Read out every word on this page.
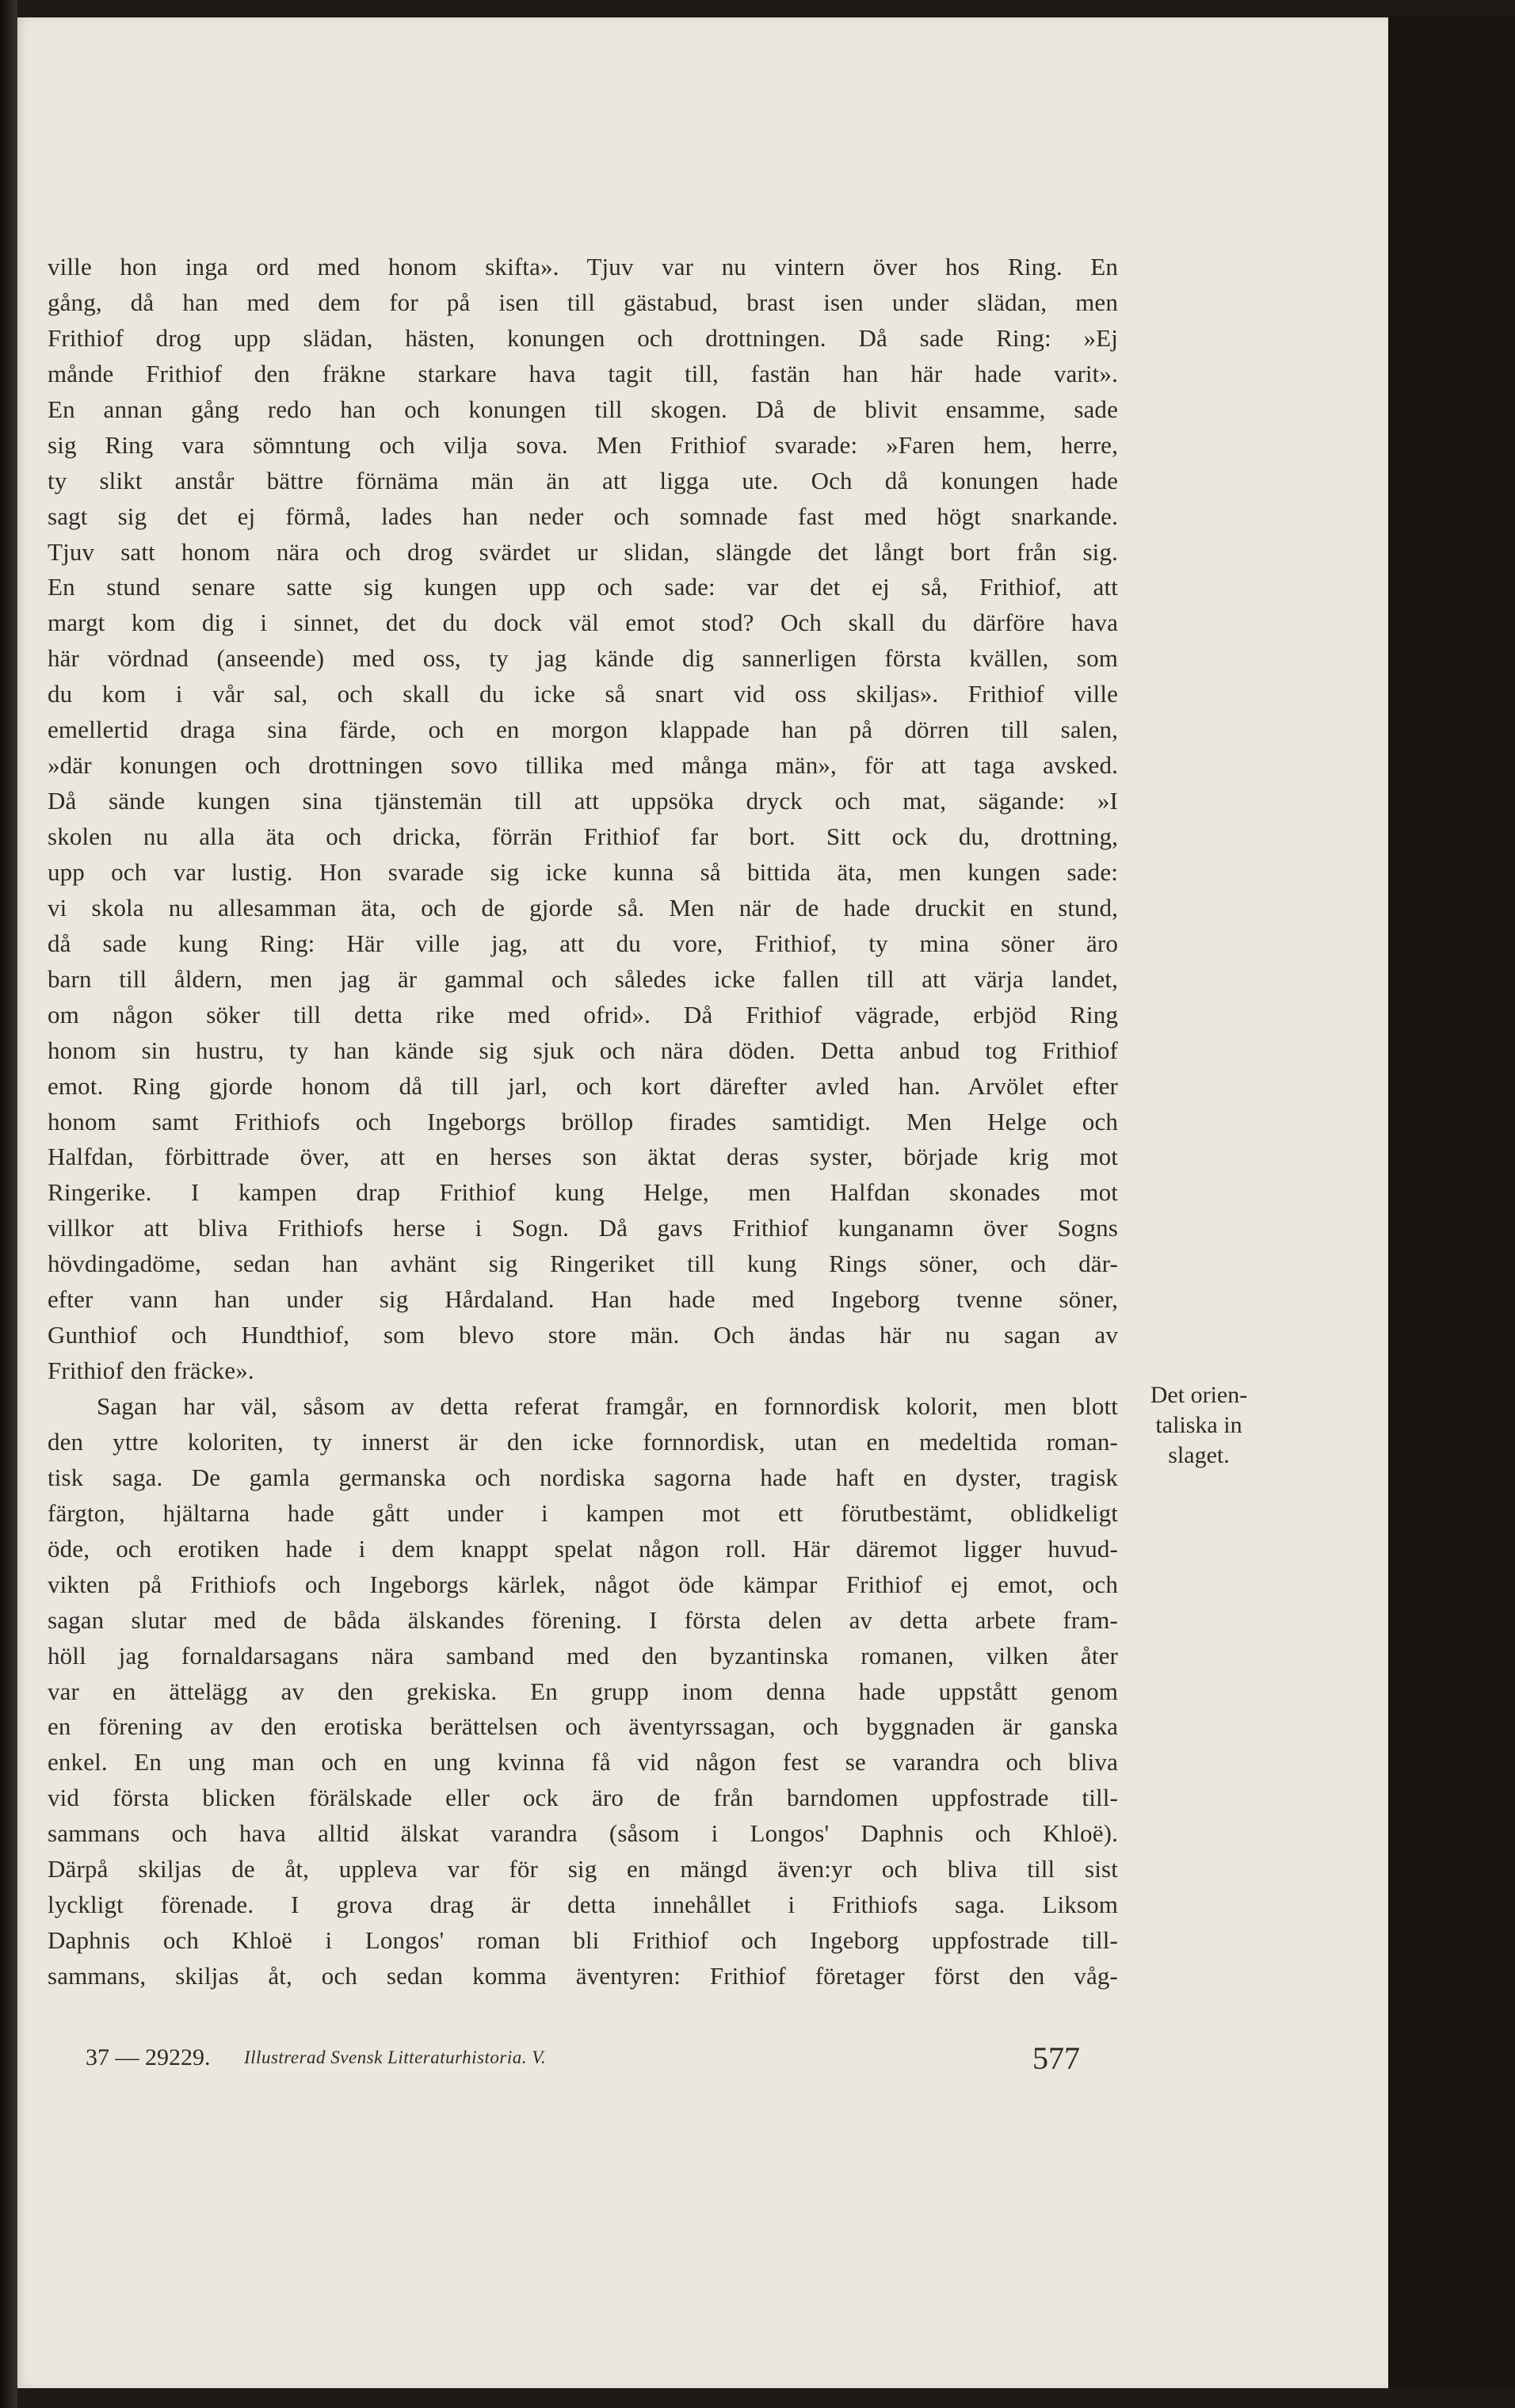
ville hon inga ord med honom skifta». Tjuv var nu vintern över hos Ring. En
gång, då han med dem for på isen till gästabud, brast isen under slädan, men
Frithiof drog upp slädan, hästen, konungen och drottningen. Då sade Ring: »Ej
månde Frithiof den fräkne starkare hava tagit till, fastän han här hade varit».
En annan gång redo han och konungen till skogen. Då de blivit ensamme, sade
sig Ring vara sömntung och vilja sova. Men Frithiof svarade: »Faren hem, herre,
ty slikt anstår bättre förnäma män än att ligga ute. Och då konungen hade
sagt sig det ej förmå, lades han neder och somnade fast med högt snarkande.
Tjuv satt honom nära och drog svärdet ur slidan, slängde det långt bort från sig.
En stund senare satte sig kungen upp och sade: var det ej så, Frithiof, att
margt kom dig i sinnet, det du dock väl emot stod? Och skall du därföre hava
här vördnad (anseende) med oss, ty jag kände dig sannerligen första kvällen, som
du kom i vår sal, och skall du icke så snart vid oss skiljas». Frithiof ville
emellertid draga sina färde, och en morgon klappade han på dörren till salen,
»där konungen och drottningen sovo tillika med många män», för att taga avsked.
Då sände kungen sina tjänstemän till att uppsöka dryck och mat, sägande: »I
skolen nu alla äta och dricka, förrän Frithiof far bort. Sitt ock du, drottning,
upp och var lustig. Hon svarade sig icke kunna så bittida äta, men kungen sade:
vi skola nu allesamman äta, och de gjorde så. Men när de hade druckit en stund,
då sade kung Ring: Här ville jag, att du vore, Frithiof, ty mina söner äro
barn till åldern, men jag är gammal och således icke fallen till att värja landet,
om någon söker till detta rike med ofrid». Då Frithiof vägrade, erbjöd Ring
honom sin hustru, ty han kände sig sjuk och nära döden. Detta anbud tog Frithiof
emot. Ring gjorde honom då till jarl, och kort därefter avled han. Arvölet efter
honom samt Frithiofs och Ingeborgs bröllop firades samtidigt. Men Helge och
Halfdan, förbittrade över, att en herses son äktat deras syster, började krig mot
Ringerike. I kampen drap Frithiof kung Helge, men Halfdan skonades mot
villkor att bliva Frithiofs herse i Sogn. Då gavs Frithiof kunganamn över Sogns
hövdingadöme, sedan han avhänt sig Ringeriket till kung Rings söner, och där-
efter vann han under sig Hårdaland. Han hade med Ingeborg tvenne söner,
Gunthiof och Hundthiof, som blevo store män. Och ändas här nu sagan av
Frithiof den fräcke».
Sagan har väl, såsom av detta referat framgår, en fornnordisk kolorit, men blott
den yttre koloriten, ty innerst är den icke fornnordisk, utan en medeltida roman-
tisk saga. De gamla germanska och nordiska sagorna hade haft en dyster, tragisk
färgton, hjältarna hade gått under i kampen mot ett förutbestämt, oblidkeligt
öde, och erotiken hade i dem knappt spelat någon roll. Här däremot ligger huvud-
vikten på Frithiofs och Ingeborgs kärlek, något öde kämpar Frithiof ej emot, och
sagan slutar med de båda älskandes förening. I första delen av detta arbete fram-
höll jag fornaldarsagans nära samband med den byzantinska romanen, vilken åter
var en ättelägg av den grekiska. En grupp inom denna hade uppstått genom
en förening av den erotiska berättelsen och äventyrssagan, och byggnaden är ganska
enkel. En ung man och en ung kvinna få vid någon fest se varandra och bliva
vid första blicken förälskade eller ock äro de från barndomen uppfostrade till-
sammans och hava alltid älskat varandra (såsom i Longos' Daphnis och Khloë).
Därpå skiljas de åt, uppleva var för sig en mängd även:yr och bliva till sist
lyckligt förenade. I grova drag är detta innehållet i Frithiofs saga. Liksom
Daphnis och Khloë i Longos' roman bli Frithiof och Ingeborg uppfostrade till-
sammans, skiljas åt, och sedan komma äventyren: Frithiof företager först den våg-
Det orien-
taliska in
slaget.
37 — 29229. Illustrerad Svensk Litteraturhistoria. V.	577
